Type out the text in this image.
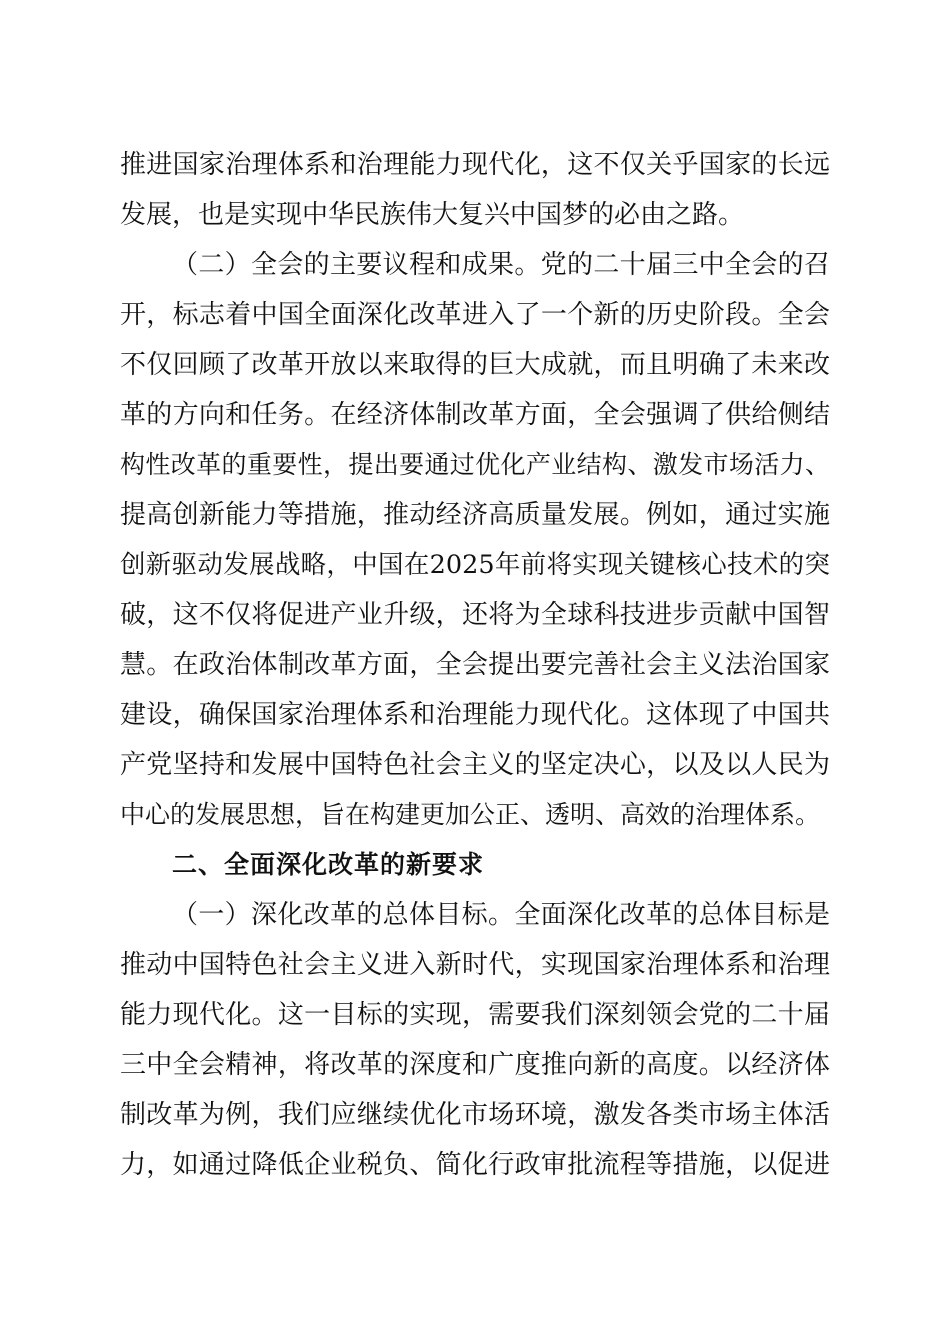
推进国家治理体系和治理能力现代化，这不仅关乎国家的长远
发展，也是实现中华民族伟大复兴中国梦的必由之路。
（二）全会的主要议程和成果。党的二十届三中全会的召
开，标志着中国全面深化改革进入了一个新的历史阶段。全会
不仅回顾了改革开放以来取得的巨大成就，而且明确了未来改
革的方向和任务。在经济体制改革方面，全会强调了供给侧结
构性改革的重要性，提出要通过优化产业结构、激发市场活力、
提高创新能力等措施，推动经济高质量发展。例如，通过实施
创新驱动发展战略，中国在2025年前将实现关键核心技术的突
破，这不仅将促进产业升级，还将为全球科技进步贡献中国智
慧。在政治体制改革方面，全会提出要完善社会主义法治国家
建设，确保国家治理体系和治理能力现代化。这体现了中国共
产党坚持和发展中国特色社会主义的坚定决心，以及以人民为
中心的发展思想，旨在构建更加公正、透明、高效的治理体系。
二、全面深化改革的新要求
（一）深化改革的总体目标。全面深化改革的总体目标是
推动中国特色社会主义进入新时代，实现国家治理体系和治理
能力现代化。这一目标的实现，需要我们深刻领会党的二十届
三中全会精神，将改革的深度和广度推向新的高度。以经济体
制改革为例，我们应继续优化市场环境，激发各类市场主体活
力，如通过降低企业税负、简化行政审批流程等措施，以促进
